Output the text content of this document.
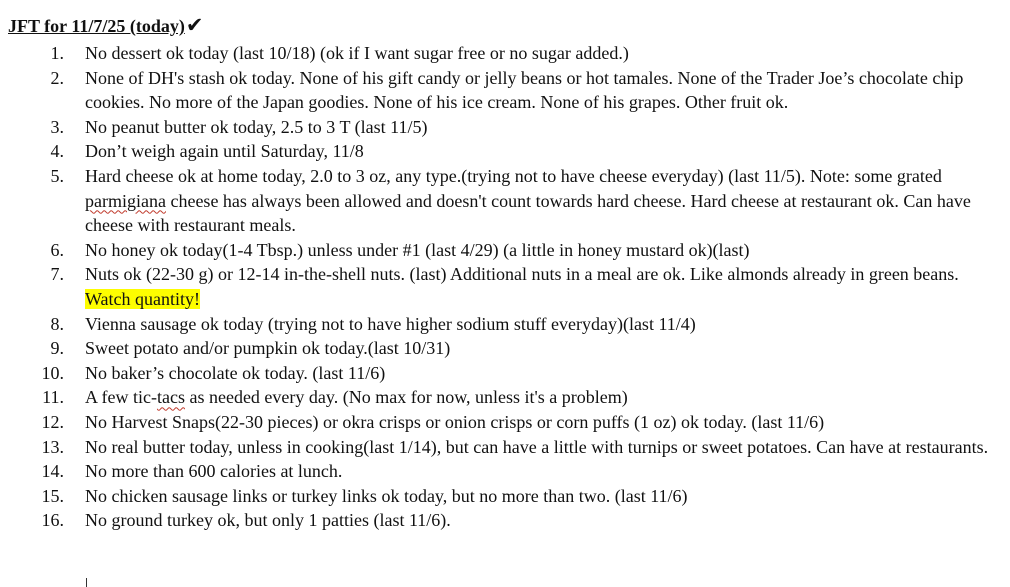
JFT for 11/7/25 (today)✔
1. No dessert ok today (last 10/18) (ok if I want sugar free or no sugar added.)
2. None of DH's stash ok today. None of his gift candy or jelly beans or hot tamales. None of the Trader Joe’s chocolate chip cookies. No more of the Japan goodies. None of his ice cream. None of his grapes. Other fruit ok.
3. No peanut butter ok today, 2.5 to 3 T (last 11/5)
4. Don’t weigh again until Saturday, 11/8
5. Hard cheese ok at home today, 2.0 to 3 oz, any type.(trying not to have cheese everyday) (last 11/5). Note: some grated parmigiana cheese has always been allowed and doesn't count towards hard cheese. Hard cheese at restaurant ok. Can have cheese with restaurant meals.
6. No honey ok today(1-4 Tbsp.) unless under #1 (last 4/29) (a little in honey mustard ok)(last)
7. Nuts ok (22-30 g) or 12-14 in-the-shell nuts. (last) Additional nuts in a meal are ok. Like almonds already in green beans. Watch quantity!
8. Vienna sausage ok today (trying not to have higher sodium stuff everyday)(last 11/4)
9. Sweet potato and/or pumpkin ok today.(last 10/31)
10. No baker’s chocolate ok today. (last 11/6)
11. A few tic-tacs as needed every day. (No max for now, unless it's a problem)
12. No Harvest Snaps(22-30 pieces) or okra crisps or onion crisps or corn puffs (1 oz) ok today. (last 11/6)
13. No real butter today, unless in cooking(last 1/14), but can have a little with turnips or sweet potatoes. Can have at restaurants.
14. No more than 600 calories at lunch.
15. No chicken sausage links or turkey links ok today, but no more than two. (last 11/6)
16. No ground turkey ok, but only 1 patties (last 11/6).
